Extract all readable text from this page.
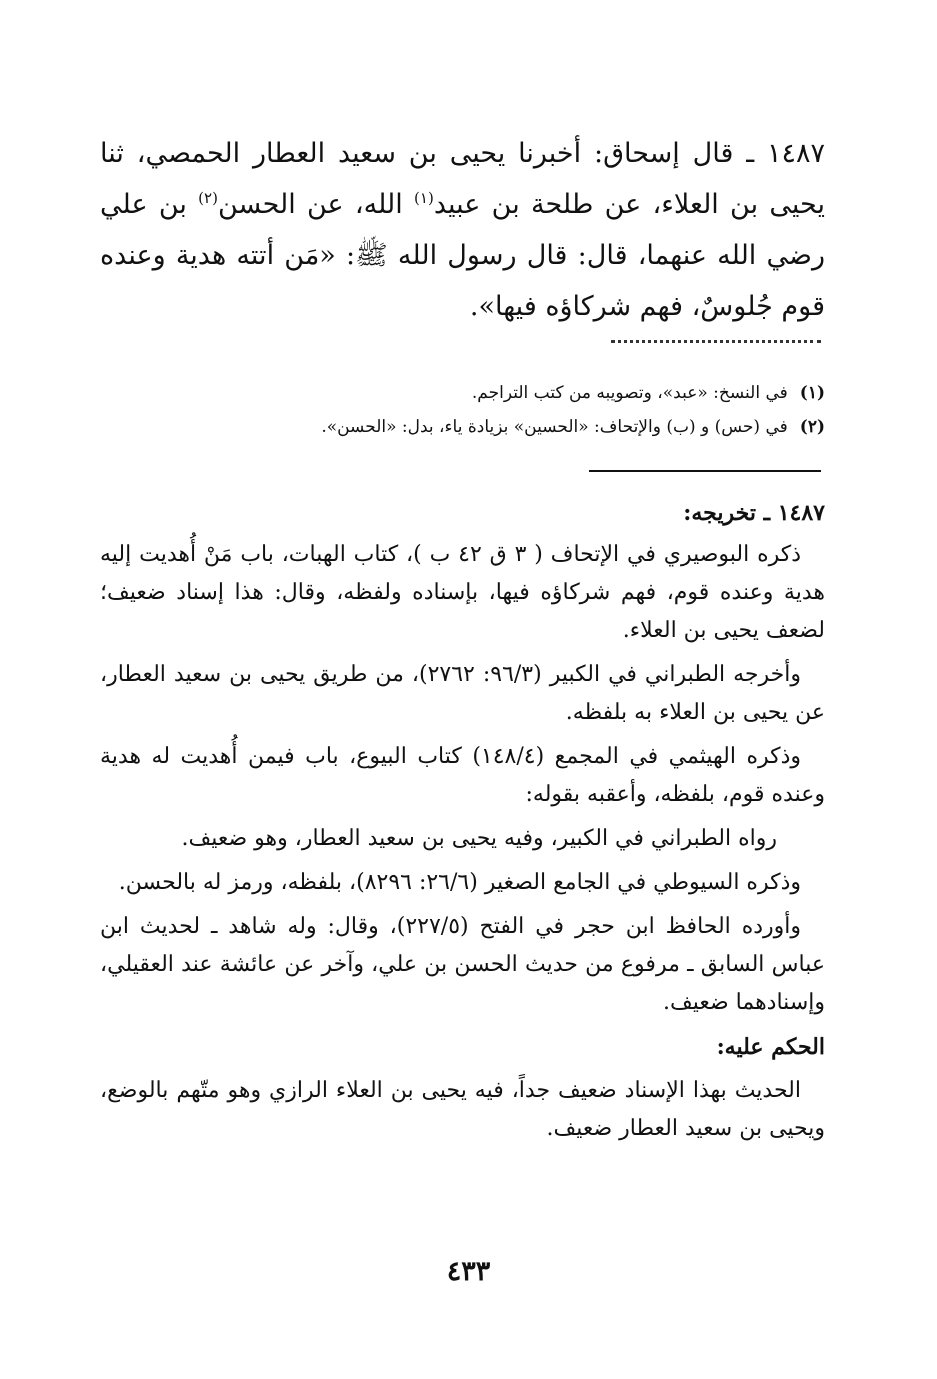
١٤٨٧ ـ قال إسحاق: أخبرنا يحيى بن سعيد العطار الحمصي، ثنا يحيى بن العلاء، عن طلحة بن عبيد$^{(١)}$ الله، عن الحسن$^{(٢)}$ بن علي رضي الله عنهما، قال: قال رسول الله ﷺ: «مَن أتته هدية وعنده قوم جُلوسٌ، فهم شركاؤه فيها».

(١)
في النسخ: «عبد»، وتصويبه من كتب التراجم.
(٢)
في (حس) و (ب) والإتحاف: «الحسين» بزيادة ياء، بدل: «الحسن».
١٤٨٧ ـ تخريجه:

ذكره البوصيري في الإتحاف ( ٣ ق ٤٢ ب )، كتاب الهبات، باب مَنْ أُهديت إليه هدية وعنده قوم، فهم شركاؤه فيها، بإسناده ولفظه، وقال: هذا إسناد ضعيف؛ لضعف يحيى بن العلاء.

وأخرجه الطبراني في الكبير (٩٦/٣: ٢٧٦٢)، من طريق يحيى بن سعيد العطار، عن يحيى بن العلاء به بلفظه.

وذكره الهيثمي في المجمع (١٤٨/٤) كتاب البيوع، باب فيمن أُهديت له هدية وعنده قوم، بلفظه، وأعقبه بقوله:

رواه الطبراني في الكبير، وفيه يحيى بن سعيد العطار، وهو ضعيف.

وذكره السيوطي في الجامع الصغير (٢٦/٦: ٨٢٩٦)، بلفظه، ورمز له بالحسن.

وأورده الحافظ ابن حجر في الفتح (٢٢٧/٥)، وقال: وله شاهد ـ لحديث ابن عباس السابق ـ مرفوع من حديث الحسن بن علي، وآخر عن عائشة عند العقيلي، وإسنادهما ضعيف.

الحكم عليه:

الحديث بهذا الإسناد ضعيف جداً، فيه يحيى بن العلاء الرازي وهو متّهم بالوضع، ويحيى بن سعيد العطار ضعيف.

٤٣٣
